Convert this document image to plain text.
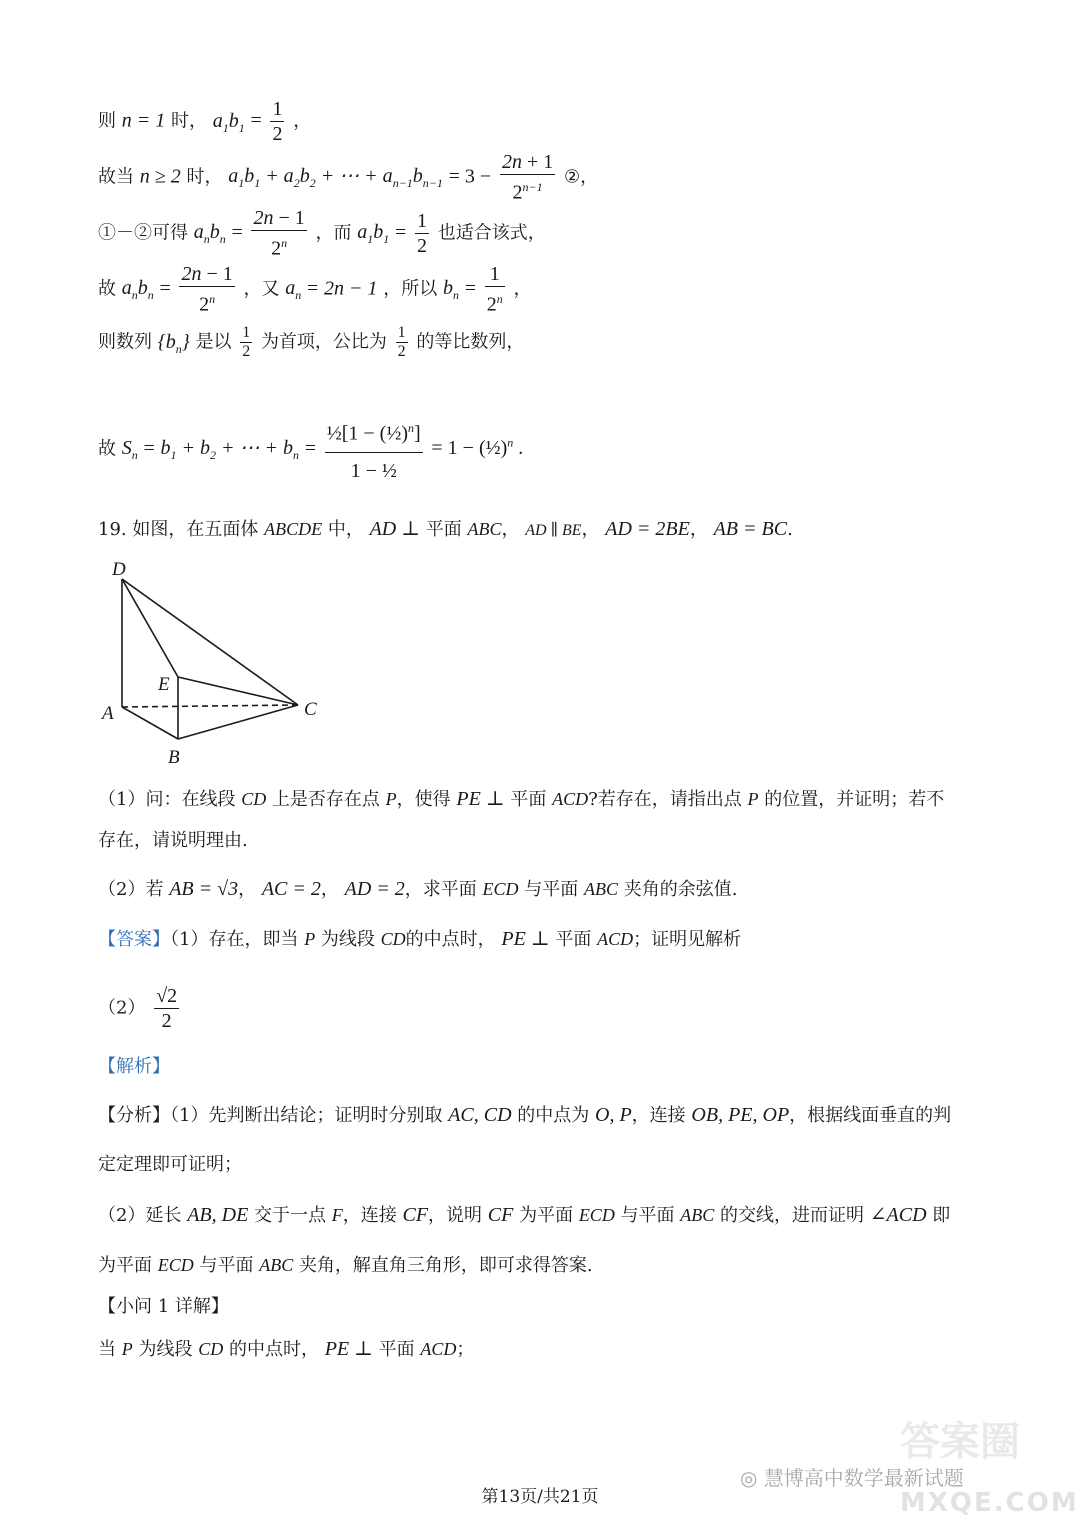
则 n = 1 时， $a_1b_1 = \frac{1}{2}$ ，
故当 n ≥ 2 时， $a_1b_1 + a_2b_2$ + ⋯ + $a_{n-1}b_{n-1} = 3 - \frac{2n + 1}{2^{n-1}}$ ②，
①－②可得 $a_nb_n = \frac{2n - 1}{2^n}$ ，而 $a_1b_1 = \frac{1}{2}$ 也适合该式，
故 $a_nb_n = \frac{2n - 1}{2^n}$ ，又 $a_n = 2n - 1$ ，所以 $b_n = \frac{1}{2^n}$ ，
则数列 $\{b_n\}$ 是以 $\frac{1}{2}$ 为首项，公比为 $\frac{1}{2}$ 的等比数列，
故 $S_n = b_1 + b_2$ + ⋯ + $b_n = \frac{\frac{1}{2}[1 - (\frac{1}{2})^n]}{\text{1 − ½}} = 1$ − (½)$^n$ .
19. 如图，在五面体 ABCDE 中， AD ⊥ 平面 ABC， AD ∥ BE， AD = 2BE， AB = BC.
D
E
A	C
B
（1）问：在线段 CD 上是否存在点 P，使得 PE ⊥ 平面 ACD?若存在，请指出点 P 的位置，并证明；若不
存在，请说明理由.
（2）若 AB = √3， AC = 2， AD = 2，求平面 ECD 与平面 ABC 夹角的余弦值.
【答案】（1）存在，即当 P 为线段 CD的中点时， PE ⊥ 平面 ACD；证明见解析
$(2) \frac{√2}{2}$
【解析】
【分析】（1）先判断出结论；证明时分别取 AC, CD 的中点为 O, P，连接 OB, PE, OP，根据线面垂直的判
定定理即可证明；
（2）延长 AB, DE 交于一点 F，连接 CF，说明 CF 为平面 ECD 与平面 ABC 的交线，进而证明 ∠ACD 即
为平面 ECD 与平面 ABC 夹角，解直角三角形，即可求得答案.
【小问 1 详解】
当 P 为线段 CD 的中点时， PE ⊥ 平面 ACD；
◎ 慧博高中数学最新试题
答案圈
MXQE.COM
第13页/共21页
